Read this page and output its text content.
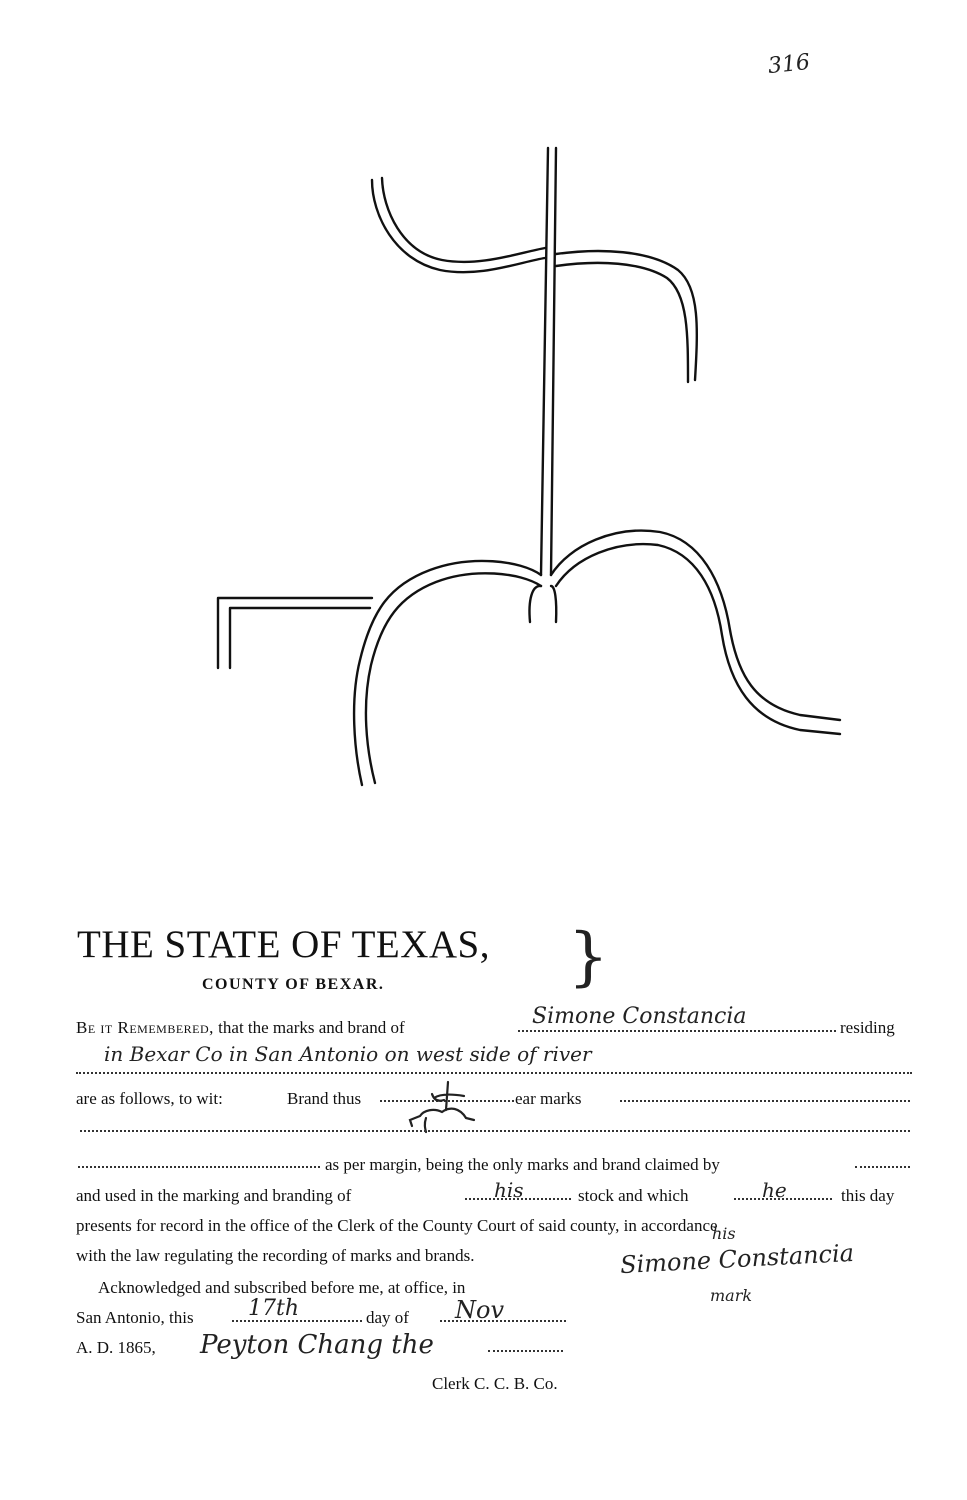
316
THE STATE OF TEXAS, }
COUNTY OF BEXAR.
Be it Remembered, that the marks and brand of	Simone Constancia	residing
in Bexar Co in San Antonio on west side of river
are as follows, to wit:	Brand thus	ear marks
as per margin, being the only marks and brand claimed by
and used in the marking and branding of	his	stock and which	he	this day
presents for record in the office of the Clerk of the County Court of said county, in accordance
with the law regulating the recording of marks and brands.
Acknowledged and subscribed before me, at office, in
San Antonio, this	17th	day of	Nov
A. D. 1865,	Peyton Chang the
Clerk C. C. B. Co.
his
Simone Constancia
mark
